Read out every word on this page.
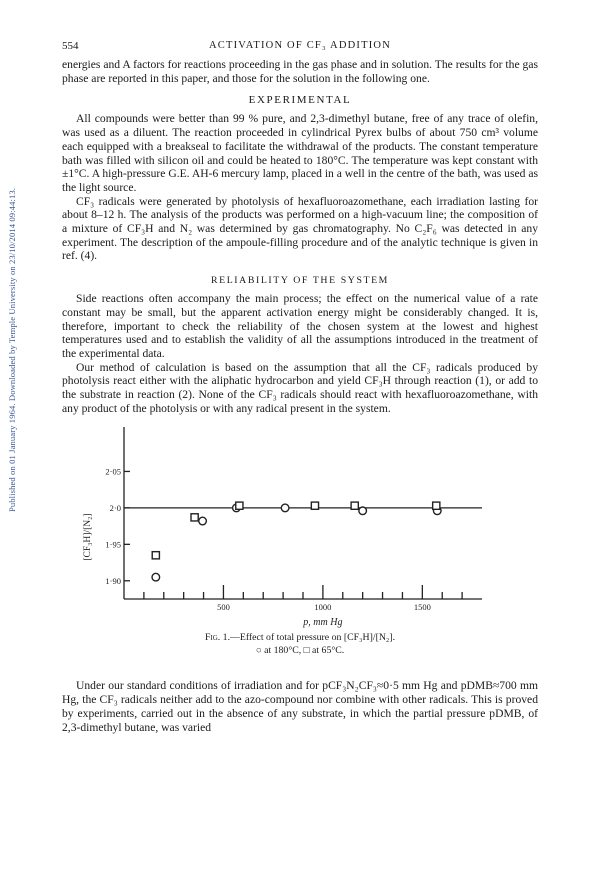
Published on 01 January 1964. Downloaded by Temple University on 23/10/2014 09:44:13.
554	ACTIVATION OF CF₃ ADDITION

energies and A factors for reactions proceeding in the gas phase and in solution. The results for the gas phase are reported in this paper, and those for the solution in the following one.

EXPERIMENTAL

All compounds were better than 99 % pure, and 2,3-dimethyl butane, free of any trace of olefin, was used as a diluent. The reaction proceeded in cylindrical Pyrex bulbs of about 750 cm³ volume each equipped with a breakseal to facilitate the withdrawal of the products. The constant temperature bath was filled with silicon oil and could be heated to 180°C. The temperature was kept constant with ±1°C. A high-pressure G.E. AH-6 mercury lamp, placed in a well in the centre of the bath, was used as the light source.

CF₃ radicals were generated by photolysis of hexafluoroazomethane, each irradiation lasting for about 8–12 h. The analysis of the products was performed on a high-vacuum line; the composition of a mixture of CF₃H and N₂ was determined by gas chromatography. No C₂F₆ was detected in any experiment. The description of the ampoule-filling procedure and of the analytic technique is given in ref. (4).

RELIABILITY OF THE SYSTEM

Side reactions often accompany the main process; the effect on the numerical value of a rate constant may be small, but the apparent activation energy might be considerably changed. It is, therefore, important to check the reliability of the chosen system at the lowest and highest temperatures used and to establish the validity of all the assumptions introduced in the treatment of the experimental data.

Our method of calculation is based on the assumption that all the CF₃ radicals produced by photolysis react either with the aliphatic hydrocarbon and yield CF₃H through reaction (1), or add to the substrate in reaction (2). None of the CF₃ radicals should react with hexafluoroazomethane, with any product of the photolysis or with any radical present in the system.

1·90
1·95
2·0
2·05
500	1000	1500
[CF₃H]/[N₂]
p, mm Hg
Fig. 1.—Effect of total pressure on [CF₃H]/[N₂].
○ at 180°C, □ at 65°C.

Under our standard conditions of irradiation and for pCF₃N₂CF₃≈0·5 mm Hg and pDMB≈700 mm Hg, the CF₃ radicals neither add to the azo-compound nor combine with other radicals. This is proved by experiments, carried out in the absence of any substrate, in which the partial pressure pDMB, of 2,3-dimethyl butane, was varied
